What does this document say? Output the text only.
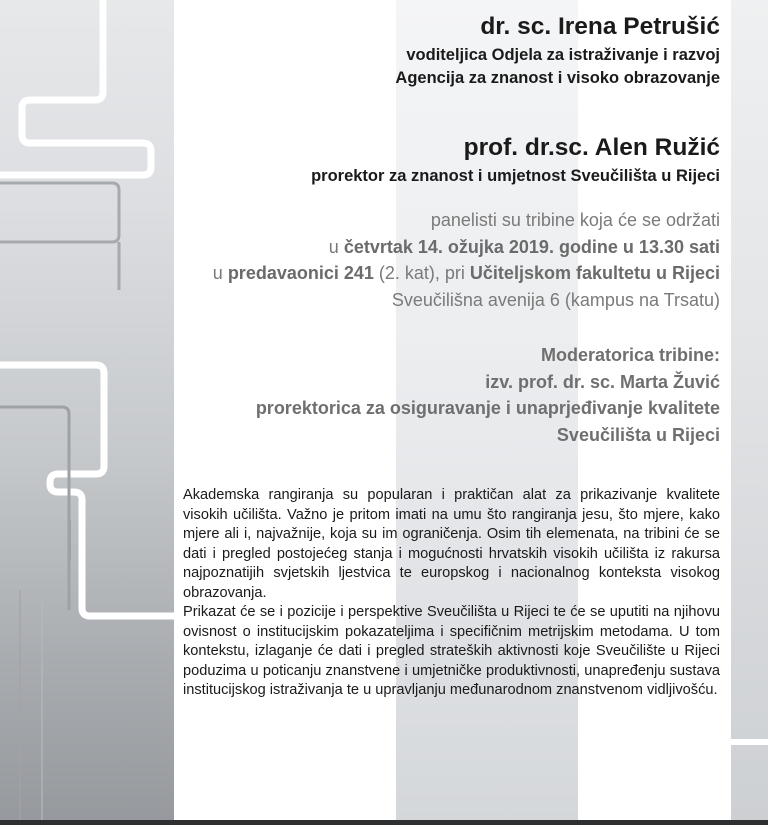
dr. sc. Irena Petrušić
voditeljica Odjela za istraživanje i razvoj
Agencija za znanost i visoko obrazovanje
prof. dr.sc. Alen Ružić
prorektor za znanost i umjetnost Sveučilišta u Rijeci
panelisti su tribine koja će se održati
u četvrtak 14. ožujka 2019. godine u 13.30 sati
u predavaonici 241 (2. kat), pri Učiteljskom fakultetu u Rijeci
Sveučilišna avenija 6 (kampus na Trsatu)
Moderatorica tribine:
izv. prof. dr. sc. Marta Žuvić
prorektorica za osiguravanje i unaprjeđivanje kvalitete
Sveučilišta u Rijeci

Akademska rangiranja su popularan i praktičan alat za prikazivanje kvalitete visokih učilišta. Važno je pritom imati na umu što rangiranja jesu, što mjere, kako mjere ali i, najvažnije, koja su im ograničenja. Osim tih elemenata, na tribini će se dati i pregled postojećeg stanja i mogućnosti hrvatskih visokih učilišta iz rakursa najpoznatijih svjetskih ljestvica te europskog i nacionalnog konteksta visokog obrazovanja.

Prikazat će se i pozicije i perspektive Sveučilišta u Rijeci te će se uputiti na njihovu ovisnost o institucijskim pokazateljima i specifičnim metrijskim metodama. U tom kontekstu, izlaganje će dati i pregled strateških aktivnosti koje Sveučilište u Rijeci poduzima u poticanju znanstvene i umjetničke produktivnosti, unapređenju sustava institucijskog istraživanja te u upravljanju međunarodnom znanstvenom vidljivošću.
